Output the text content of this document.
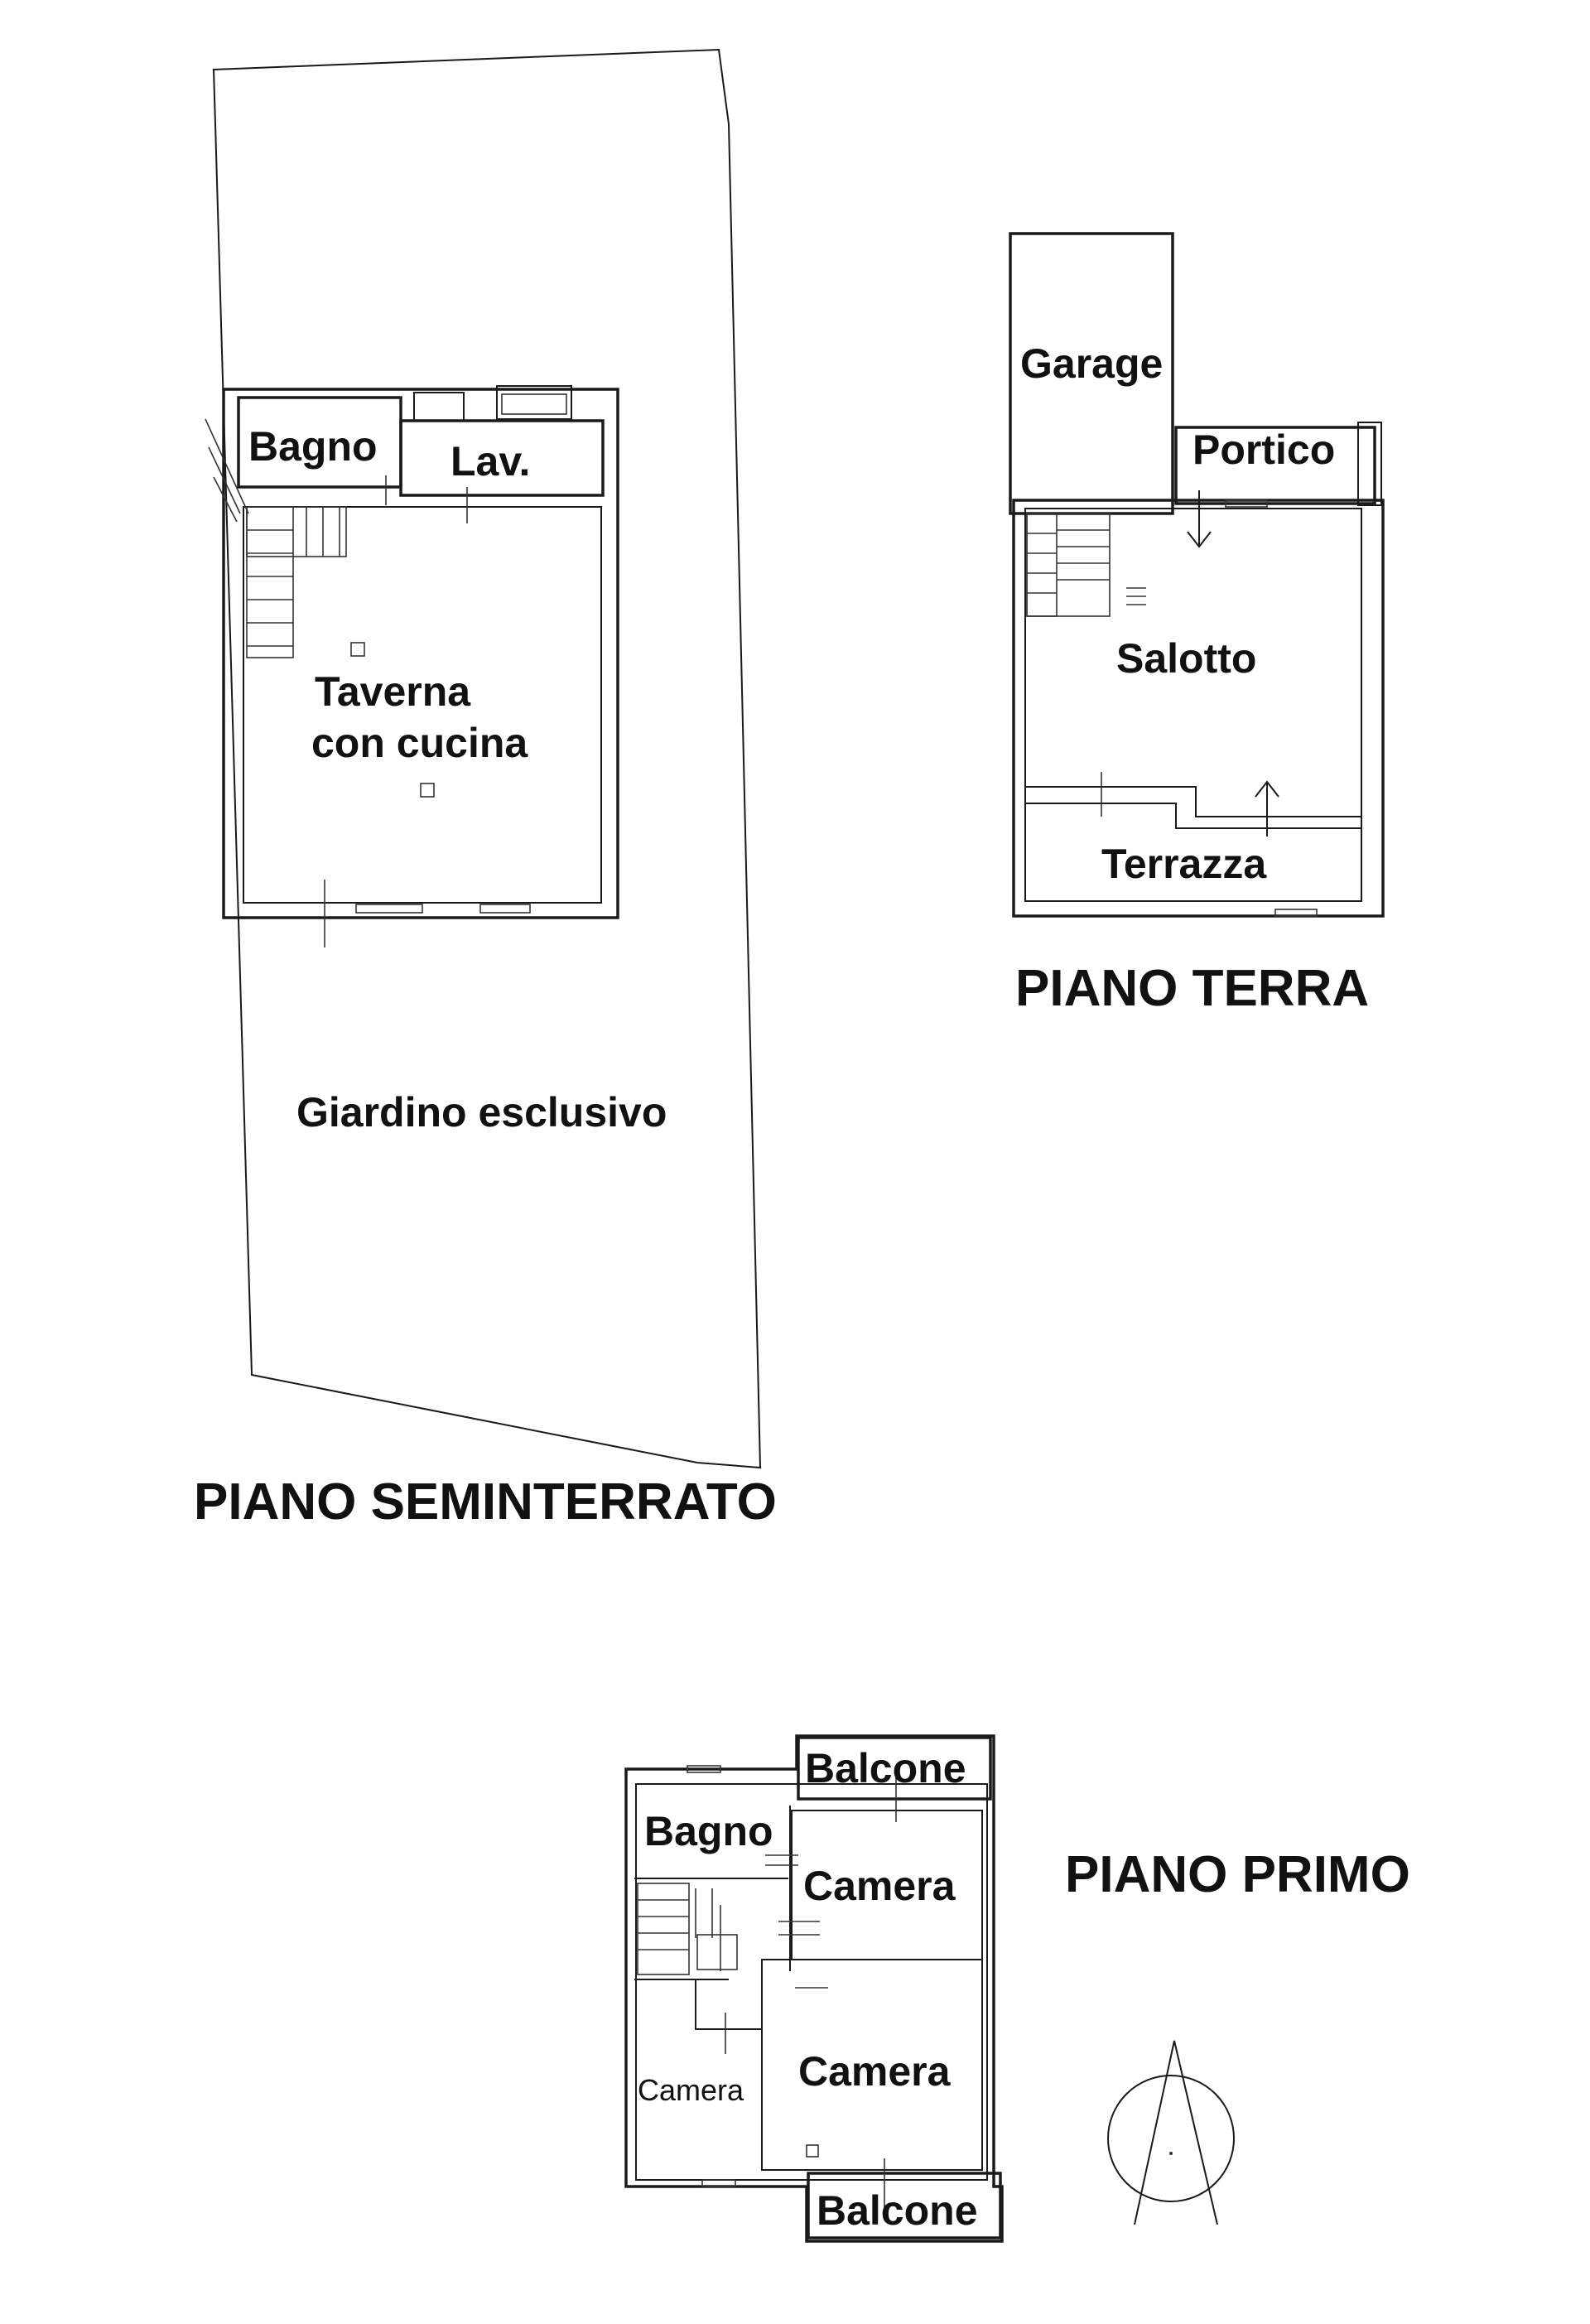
Bagno Lav.
Taverna
con cucina
Giardino esclusivo
PIANO SEMINTERRATO
Garage
Portico
Salotto
Terrazza
PIANO TERRA
Balcone
Bagno
Camera
Camera Camera
Balcone
PIANO PRIMO
